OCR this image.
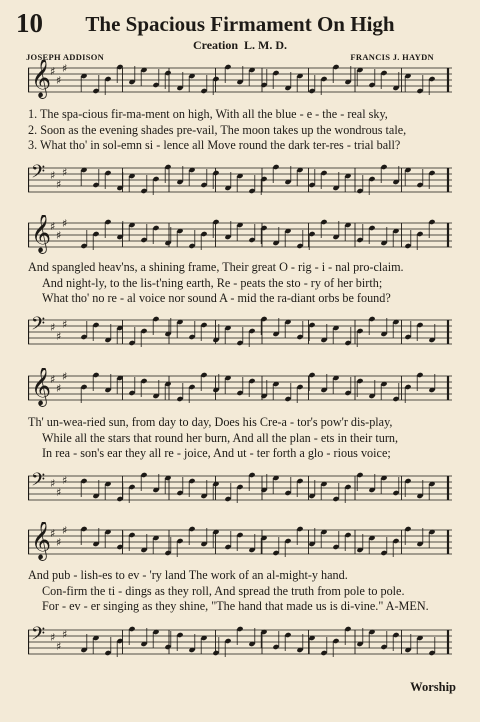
10	The Spacious Firmament On High
Creation L. M. D.
JOSEPH ADDISON	FRANCIS J. HAYDN
𝄞
♯
♯
♯
1. The spa-cious fir-ma-ment on high, With all the blue - e - the - real sky,
2. Soon as the evening shades pre-vail, The moon takes up the wondrous tale,
3. What tho' in sol-emn si - lence all Move round the dark ter-res - trial ball?
𝄢 ♯
♯
♯
𝄞
♯
♯
♯
And spangled heav'ns, a shining frame, Their great O - rig - i - nal pro-claim.
And night-ly, to the lis-t'ning earth, Re - peats the sto - ry of her birth;
What tho' no re - al voice nor sound A - mid the ra-diant orbs be found?
𝄢 ♯
♯
♯
𝄞
♯
♯
♯
Th' un-wea-ried sun, from day to day, Does his Cre-a - tor's pow'r dis-play,
While all the stars that round her burn, And all the plan - ets in their turn,
In rea - son's ear they all re - joice, And ut - ter forth a glo - rious voice;
𝄢 ♯
♯
♯
𝄞
♯
♯
♯
And pub - lish-es to ev - 'ry land The work of an al-might-y hand.
Con-firm the ti - dings as they roll, And spread the truth from pole to pole.
For - ev - er singing as they shine, "The hand that made us is di-vine." A-MEN.
𝄢 ♯
♯
♯
Worship
